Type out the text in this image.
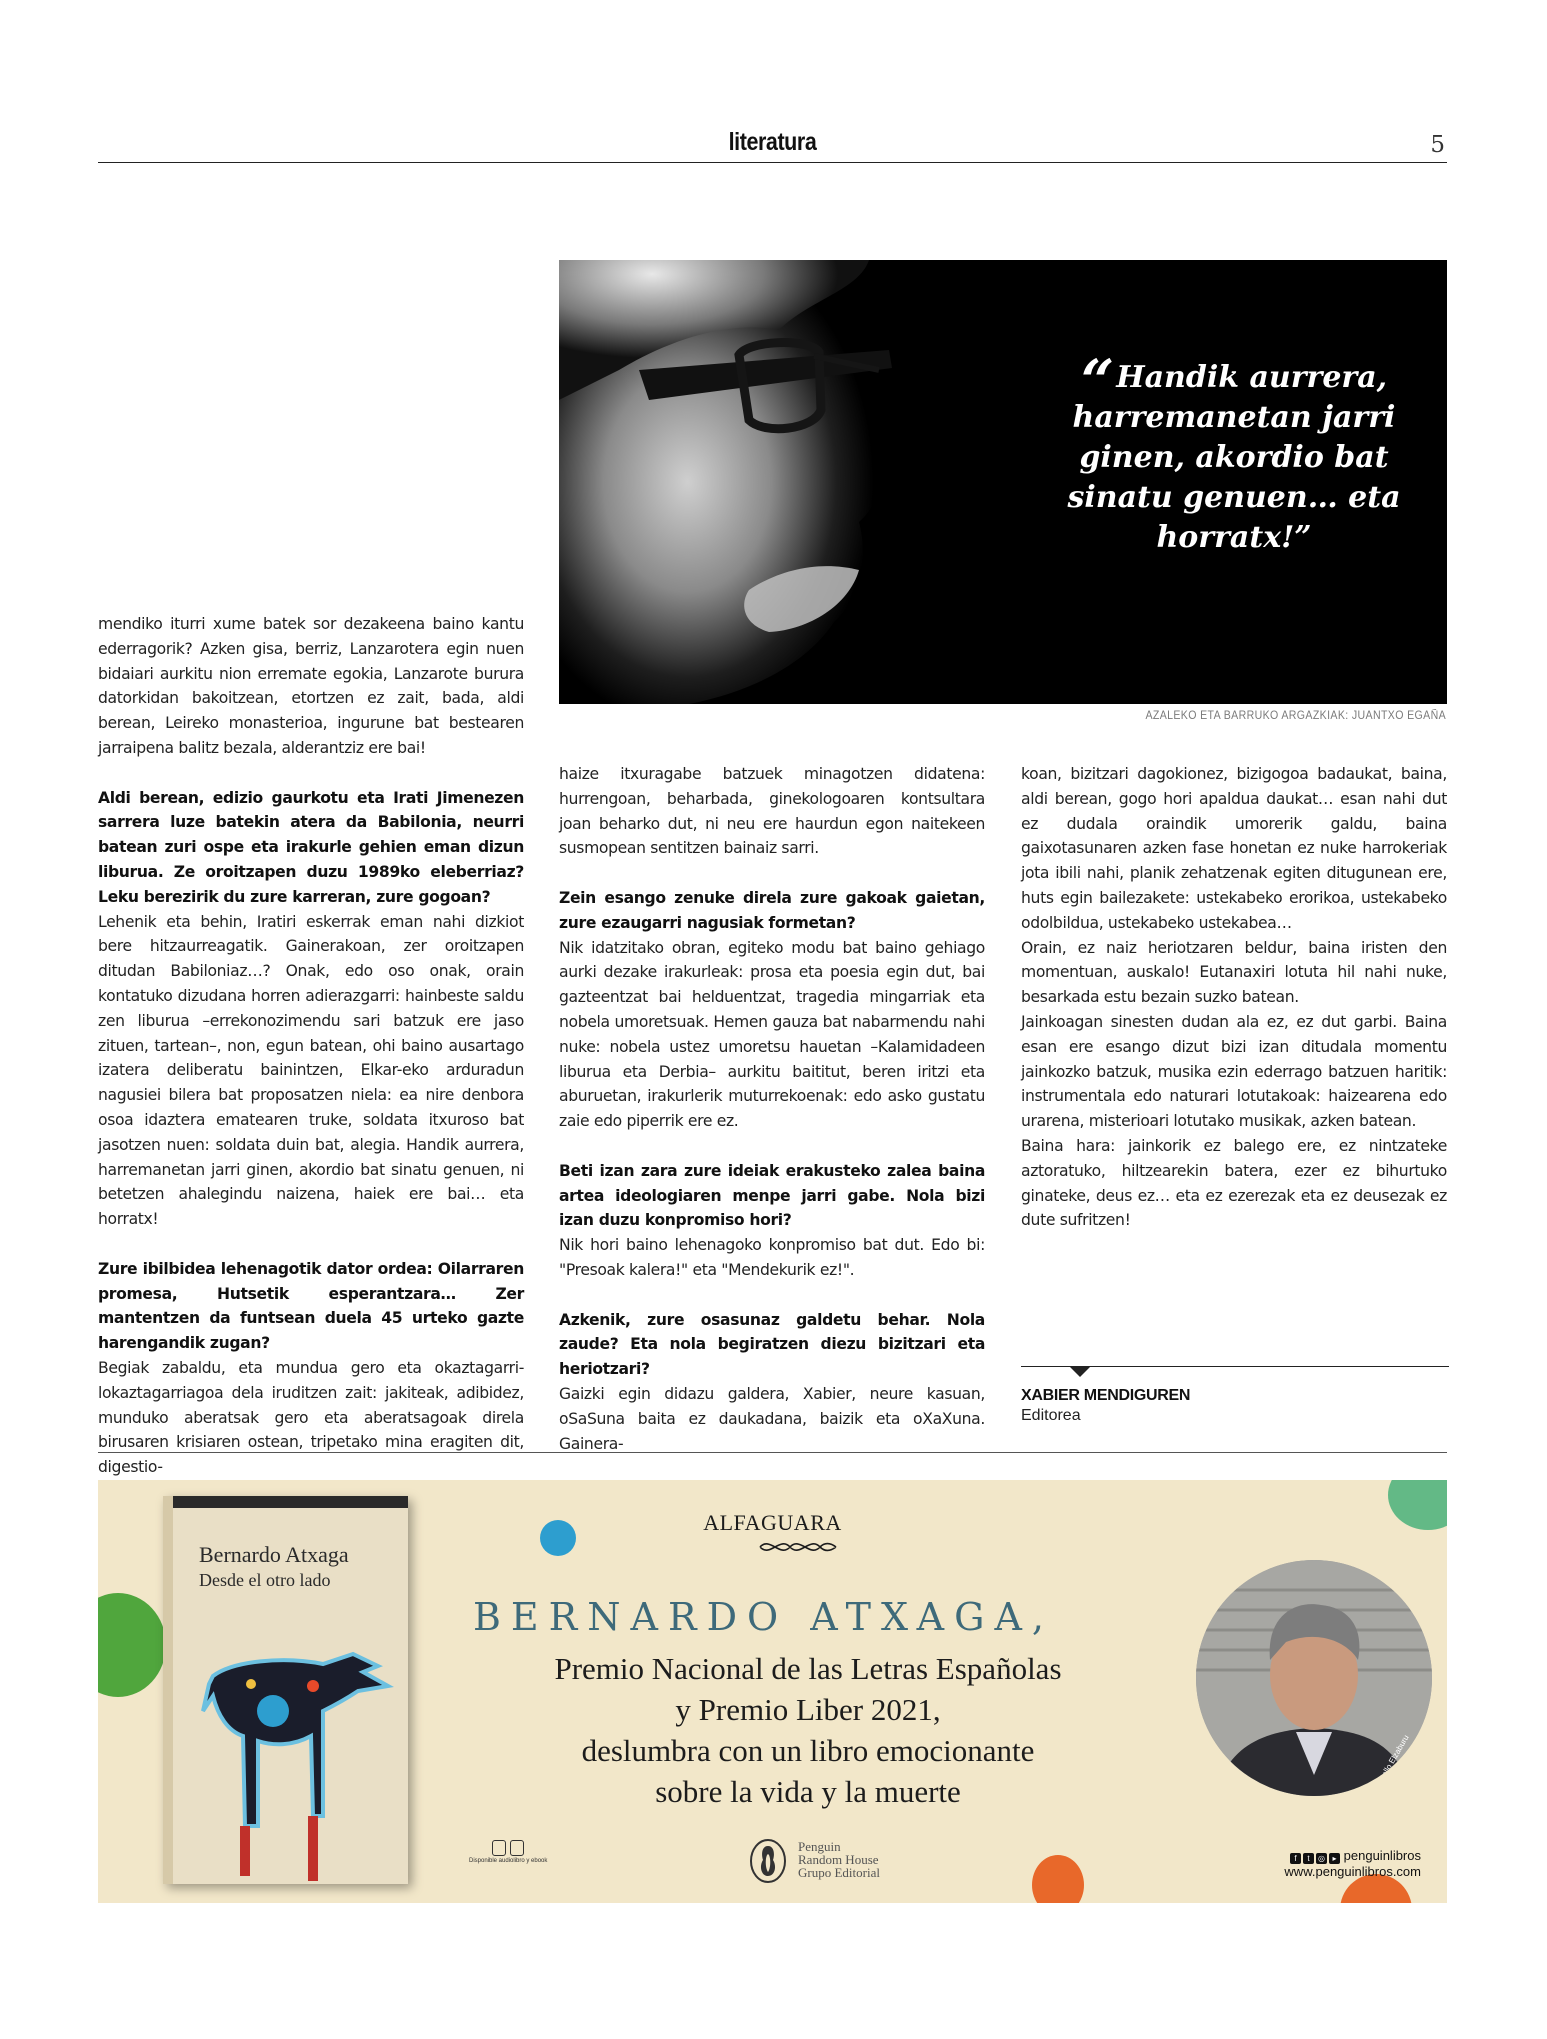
literatura	5
“Handik aurrera, harremanetan jarri ginen, akordio bat sinatu genuen… eta horratx!”
AZALEKO ETA BARRUKO ARGAZKIAK: JUANTXO EGAÑA

mendiko iturri xume batek sor dezakeena baino kantu ederragorik? Azken gisa, berriz, Lanzarotera egin nuen bidaiari aurkitu nion erremate egokia, Lanzarote burura datorkidan bakoitzean, etortzen ez zait, bada, aldi berean, Leireko monasterioa, ingurune bat bestearen jarraipena balitz bezala, alderantziz ere bai!

Aldi berean, edizio gaurkotu eta Irati Jimenezen sarrera luze batekin atera da Babilonia, neurri batean zuri ospe eta irakurle gehien eman dizun liburua. Ze oroitzapen duzu 1989ko eleberriaz? Leku berezirik du zure karreran, zure gogoan?

Lehenik eta behin, Iratiri eskerrak eman nahi dizkiot bere hitzaurreagatik. Gainerakoan, zer oroitzapen ditudan Babiloniaz…? Onak, edo oso onak, orain kontatuko dizudana horren adierazgarri: hainbeste saldu zen liburua –errekonozimendu sari batzuk ere jaso zituen, tartean–, non, egun batean, ohi baino ausartago izatera deliberatu bainintzen, Elkar-eko arduradun nagusiei bilera bat proposatzen niela: ea nire denbora osoa idaztera ematearen truke, soldata itxuroso bat jasotzen nuen: soldata duin bat, alegia. Handik aurrera, harremanetan jarri ginen, akordio bat sinatu genuen, ni betetzen ahalegindu naizena, haiek ere bai… eta horratx!

Zure ibilbidea lehenagotik dator ordea: Oilarraren promesa, Hutsetik esperantzara… Zer mantentzen da funtsean duela 45 urteko gazte harengandik zugan?

Begiak zabaldu, eta mundua gero eta okaztagarri-lokaztagarriagoa dela iruditzen zait: jakiteak, adibidez, munduko aberatsak gero eta aberatsagoak direla birusaren krisiaren ostean, tripetako mina eragiten dit, digestio-

haize itxuragabe batzuek minagotzen didatena: hurrengoan, beharbada, ginekologoaren kontsultara joan beharko dut, ni neu ere haurdun egon naitekeen susmopean sentitzen bainaiz sarri.

Zein esango zenuke direla zure gakoak gaietan, zure ezaugarri nagusiak formetan?

Nik idatzitako obran, egiteko modu bat baino gehiago aurki dezake irakurleak: prosa eta poesia egin dut, bai gazteentzat bai helduentzat, tragedia mingarriak eta nobela umoretsuak. Hemen gauza bat nabarmendu nahi nuke: nobela ustez umoretsu hauetan –Kalamidadeen liburua eta Derbia– aurkitu baititut, beren iritzi eta aburuetan, irakurlerik muturrekoenak: edo asko gustatu zaie edo piperrik ere ez.

Beti izan zara zure ideiak erakusteko zalea baina artea ideologiaren menpe jarri gabe. Nola bizi izan duzu konpromiso hori?

Nik hori baino lehenagoko konpromiso bat dut. Edo bi: "Presoak kalera!" eta "Mendekurik ez!".

Azkenik, zure osasunaz galdetu behar. Nola zaude? Eta nola begiratzen diezu bizitzari eta heriotzari?

Gaizki egin didazu galdera, Xabier, neure kasuan, oSaSuna baita ez daukadana, baizik eta oXaXuna. Gainera-

koan, bizitzari dagokionez, bizigogoa badaukat, baina, aldi berean, gogo hori apaldua daukat… esan nahi dut ez dudala oraindik umorerik galdu, baina gaixotasunaren azken fase honetan ez nuke harrokeriak jota ibili nahi, planik zehatzenak egiten ditugunean ere, huts egin bailezakete: ustekabeko erorikoa, ustekabeko odolbildua, ustekabeko ustekabea…

Orain, ez naiz heriotzaren beldur, baina iristen den momentuan, auskalo! Eutanaxiri lotuta hil nahi nuke, besarkada estu bezain suzko batean.

Jainkoagan sinesten dudan ala ez, ez dut garbi. Baina esan ere esango dizut bizi izan ditudala momentu jainkozko batzuk, musika ezin ederrago batzuen haritik: instrumentala edo naturari lotutakoak: haizearena edo urarena, misterioari lotutako musikak, azken batean.

Baina hara: jainkorik ez balego ere, ez nintzateke aztoratuko, hiltzearekin batera, ezer ez bihurtuko ginateke, deus ez… eta ez ezerezak eta ez deusezak ez dute sufritzen!

XABIER MENDIGUREN
Editorea
Bernardo Atxaga
Desde el otro lado
Disponible audiolibro y ebook
ALFAGUARA
BERNARDO ATXAGA,
Premio Nacional de las Letras Españolas
y Premio Liber 2021,
deslumbra con un libro emocionante
sobre la vida y la muerte
© Pello Elzaburu
Penguin
Random House
Grupo Editorial
f t ◎ ▸ penguinlibros
www.penguinlibros.com
